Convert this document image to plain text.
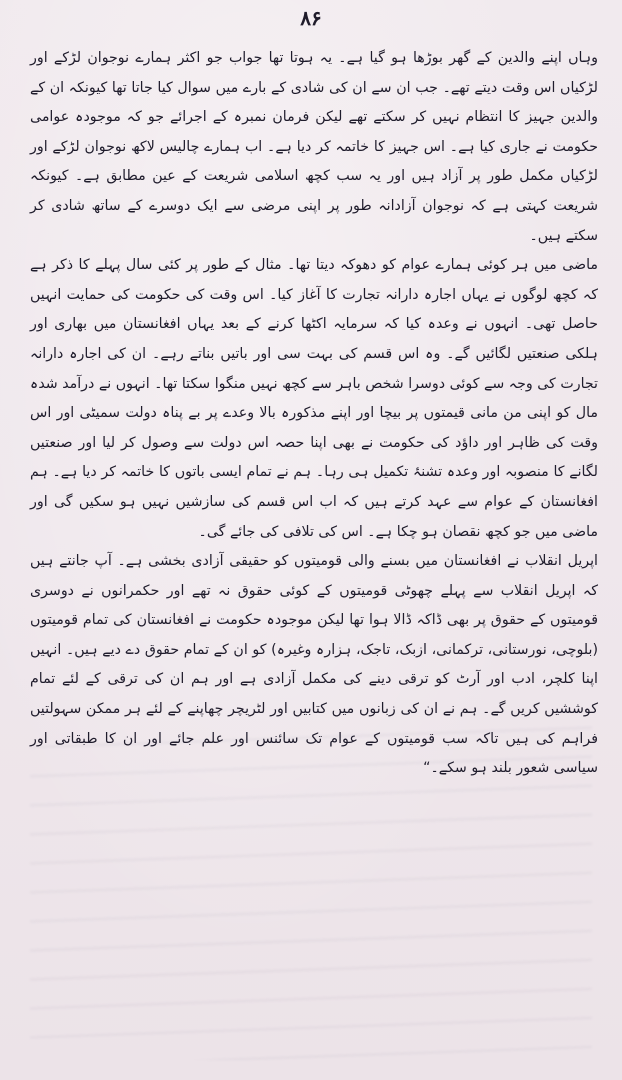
۸۶

وہاں اپنے والدین کے گھر بوڑھا ہو گیا ہے۔ یہ ہوتا تھا جواب جو اکثر ہمارے نوجوان لڑکے اور لڑکیاں اس وقت دیتے تھے۔ جب ان سے ان کی شادی کے بارے میں سوال کیا جاتا تھا کیونکہ ان کے والدین جہیز کا انتظام نہیں کر سکتے تھے لیکن فرمان نمبرہ کے اجرائے جو کہ موجودہ عوامی حکومت نے جاری کیا ہے۔ اس جہیز کا خاتمہ کر دیا ہے۔ اب ہمارے چالیس لاکھ نوجوان لڑکے اور لڑکیاں مکمل طور پر آزاد ہیں اور یہ سب کچھ اسلامی شریعت کے عین مطابق ہے۔ کیونکہ شریعت کہتی ہے کہ نوجوان آزادانہ طور پر اپنی مرضی سے ایک دوسرے کے ساتھ شادی کر سکتے ہیں۔

ماضی میں ہر کوئی ہمارے عوام کو دھوکہ دیتا تھا۔ مثال کے طور پر کئی سال پہلے کا ذکر ہے کہ کچھ لوگوں نے یہاں اجارہ دارانہ تجارت کا آغاز کیا۔ اس وقت کی حکومت کی حمایت انہیں حاصل تھی۔ انہوں نے وعدہ کیا کہ سرمایہ اکٹھا کرنے کے بعد یہاں افغانستان میں بھاری اور ہلکی صنعتیں لگائیں گے۔ وہ اس قسم کی بہت سی اور باتیں بناتے رہے۔ ان کی اجارہ دارانہ تجارت کی وجہ سے کوئی دوسرا شخص باہر سے کچھ نہیں منگوا سکتا تھا۔ انہوں نے درآمد شدہ مال کو اپنی من مانی قیمتوں پر بیچا اور اپنے مذکورہ بالا وعدے پر بے پناہ دولت سمیٹی اور اس وقت کی ظاہر اور داؤد کی حکومت نے بھی اپنا حصہ اس دولت سے وصول کر لیا اور صنعتیں لگانے کا منصوبہ اور وعدہ تشنۂ تکمیل ہی رہا۔ ہم نے تمام ایسی باتوں کا خاتمہ کر دیا ہے۔ ہم افغانستان کے عوام سے عہد کرتے ہیں کہ اب اس قسم کی سازشیں نہیں ہو سکیں گی اور ماضی میں جو کچھ نقصان ہو چکا ہے۔ اس کی تلافی کی جائے گی۔

اپریل انقلاب نے افغانستان میں بسنے والی قومیتوں کو حقیقی آزادی بخشی ہے۔ آپ جانتے ہیں کہ اپریل انقلاب سے پہلے چھوٹی قومیتوں کے کوئی حقوق نہ تھے اور حکمرانوں نے دوسری قومیتوں کے حقوق پر بھی ڈاکہ ڈالا ہوا تھا لیکن موجودہ حکومت نے افغانستان کی تمام قومیتوں (بلوچی، نورستانی، ترکمانی، ازبک، تاجک، ہزارہ وغیرہ) کو ان کے تمام حقوق دے دیے ہیں۔ انہیں اپنا کلچر، ادب اور آرٹ کو ترقی دینے کی مکمل آزادی ہے اور ہم ان کی ترقی کے لئے تمام کوششیں کریں گے۔ ہم نے ان کی زبانوں میں کتابیں اور لٹریچر چھاپنے کے لئے ہر ممکن سہولتیں فراہم کی ہیں تاکہ سب قومیتوں کے عوام تک سائنس اور علم جائے اور ان کا طبقاتی اور سیاسی شعور بلند ہو سکے۔“
